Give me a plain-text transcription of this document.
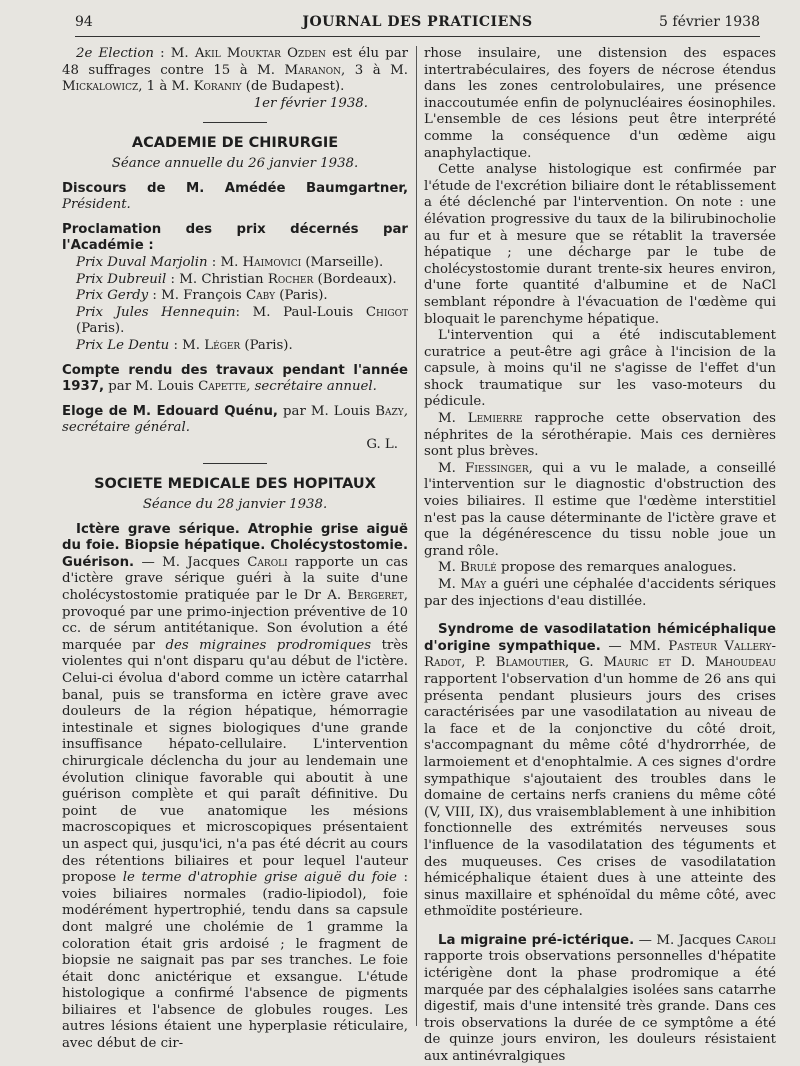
94	JOURNAL DES PRATICIENS	5 février 1938

2e Election : M. Akil Mouktar Ozden est élu par 48 suffrages contre 15 à M. Maranon, 3 à M. Mickalowicz, 1 à M. Koraniy (de Budapest).

1er février 1938.

ACADEMIE DE CHIRURGIE
Séance annuelle du 26 janvier 1938.

Discours de M. Amédée Baumgartner, Président.

Proclamation des prix décernés par l'Académie :

Prix Duval Marjolin : M. Haimovici (Marseille).

Prix Dubreuil : M. Christian Rocher (Bordeaux).

Prix Gerdy : M. François Caby (Paris).

Prix Jules Hennequin: M. Paul-Louis Chigot (Paris).

Prix Le Dentu : M. Léger (Paris).

Compte rendu des travaux pendant l'année 1937, par M. Louis Capette, secrétaire annuel.

Eloge de M. Edouard Quénu, par M. Louis Bazy, secrétaire général.

G. L.

SOCIETE MEDICALE DES HOPITAUX
Séance du 28 janvier 1938.

Ictère grave sérique. Atrophie grise aiguë du foie. Biopsie hépatique. Cholécystostomie. Guérison. — M. Jacques Caroli rapporte un cas d'ictère grave sérique guéri à la suite d'une cholécystostomie pratiquée par le Dr A. Bergeret, provoqué par une primo-injection préventive de 10 cc. de sérum antitétanique. Son évolution a été marquée par des migraines prodromiques très violentes qui n'ont disparu qu'au début de l'ictère. Celui-ci évolua d'abord comme un ictère catarrhal banal, puis se transforma en ictère grave avec douleurs de la région hépatique, hémorragie intestinale et signes biologiques d'une grande insuffisance hépato-cellulaire. L'intervention chirurgicale déclencha du jour au lendemain une évolution clinique favorable qui aboutit à une guérison complète et qui paraît définitive. Du point de vue anatomique les mésions macroscopiques et microscopiques présentaient un aspect qui, jusqu'ici, n'a pas été décrit au cours des rétentions biliaires et pour lequel l'auteur propose le terme d'atrophie grise aiguë du foie : voies biliaires normales (radio-lipiodol), foie modérément hypertrophié, tendu dans sa capsule dont malgré une cholémie de 1 gramme la coloration était gris ardoisé ; le fragment de biopsie ne saignait pas par ses tranches. Le foie était donc anictérique et exsangue. L'étude histologique a confirmé l'absence de pigments biliaires et l'absence de globules rouges. Les autres lésions étaient une hyperplasie réticulaire, avec début de cir-

rhose insulaire, une distension des espaces intertrabéculaires, des foyers de nécrose étendus dans les zones centrolobulaires, une présence inaccoutumée enfin de polynucléaires éosinophiles. L'ensemble de ces lésions peut être interprété comme la conséquence d'un œdème aigu anaphylactique.

Cette analyse histologique est confirmée par l'étude de l'excrétion biliaire dont le rétablissement a été déclenché par l'intervention. On note : une élévation progressive du taux de la bilirubinocholie au fur et à mesure que se rétablit la traversée hépatique ; une décharge par le tube de cholécystostomie durant trente-six heures environ, d'une forte quantité d'albumine et de NaCl semblant répondre à l'évacuation de l'œdème qui bloquait le parenchyme hépatique.

L'intervention qui a été indiscutablement curatrice a peut-être agi grâce à l'incision de la capsule, à moins qu'il ne s'agisse de l'effet d'un shock traumatique sur les vaso-moteurs du pédicule.

M. Lemierre rapproche cette observation des néphrites de la sérothérapie. Mais ces dernières sont plus brèves.

M. Fiessinger, qui a vu le malade, a conseillé l'intervention sur le diagnostic d'obstruction des voies biliaires. Il estime que l'œdème interstitiel n'est pas la cause déterminante de l'ictère grave et que la dégénérescence du tissu noble joue un grand rôle.

M. Brulé propose des remarques analogues.

M. May a guéri une céphalée d'accidents sériques par des injections d'eau distillée.

Syndrome de vasodilatation hémicéphalique d'origine sympathique. — MM. Pasteur Vallery-Radot, P. Blamoutier, G. Mauric et D. Mahoudeau rapportent l'observation d'un homme de 26 ans qui présenta pendant plusieurs jours des crises caractérisées par une vasodilatation au niveau de la face et de la conjonctive du côté droit, s'accompagnant du même côté d'hydrorrhée, de larmoiement et d'enophtalmie. A ces signes d'ordre sympathique s'ajoutaient des troubles dans le domaine de certains nerfs craniens du même côté (V, VIII, IX), dus vraisemblablement à une inhibition fonctionnelle des extrémités nerveuses sous l'influence de la vasodilatation des téguments et des muqueuses. Ces crises de vasodilatation hémicéphalique étaient dues à une atteinte des sinus maxillaire et sphénoïdal du même côté, avec ethmoïdite postérieure.

La migraine pré-ictérique. — M. Jacques Caroli rapporte trois observations personnelles d'hépatite ictérigène dont la phase prodromique a été marquée par des céphalalgies isolées sans catarrhe digestif, mais d'une intensité très grande. Dans ces trois observations la durée de ce symptôme a été de quinze jours environ, les douleurs résistaient aux antinévralgiques
